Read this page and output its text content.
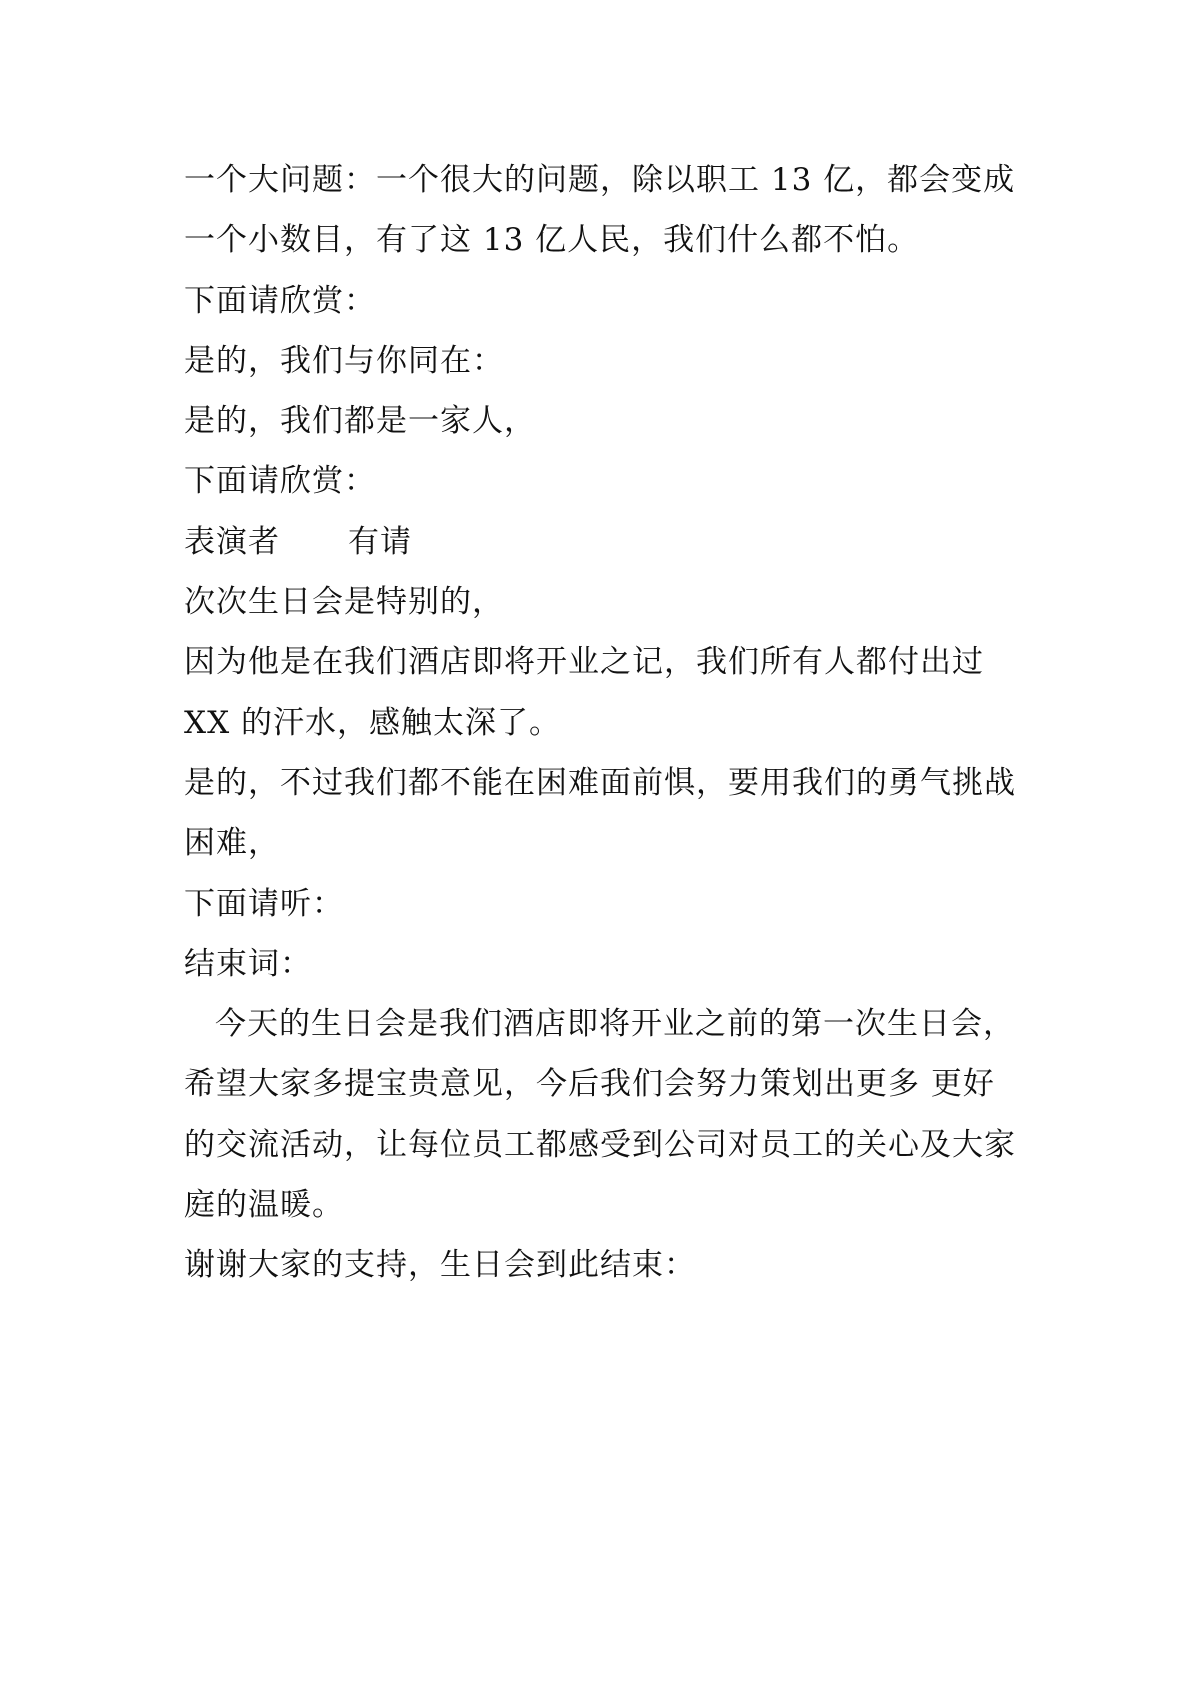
一个大问题：一个很大的问题，除以职工 13 亿，都会变成
一个小数目，有了这 13 亿人民，我们什么都不怕。
下面请欣赏：
是的，我们与你同在：
是的，我们都是一家人，
下面请欣赏：
表演者 有请
次次生日会是特别的，
因为他是在我们酒店即将开业之记，我们所有人都付出过
XX 的汗水，感触太深了。
是的，不过我们都不能在困难面前惧，要用我们的勇气挑战
困难，
下面请听：
结束词：
今天的生日会是我们酒店即将开业之前的第一次生日会，
希望大家多提宝贵意见，今后我们会努力策划出更多 更好
的交流活动，让每位员工都感受到公司对员工的关心及大家
庭的温暖。
谢谢大家的支持，生日会到此结束：
